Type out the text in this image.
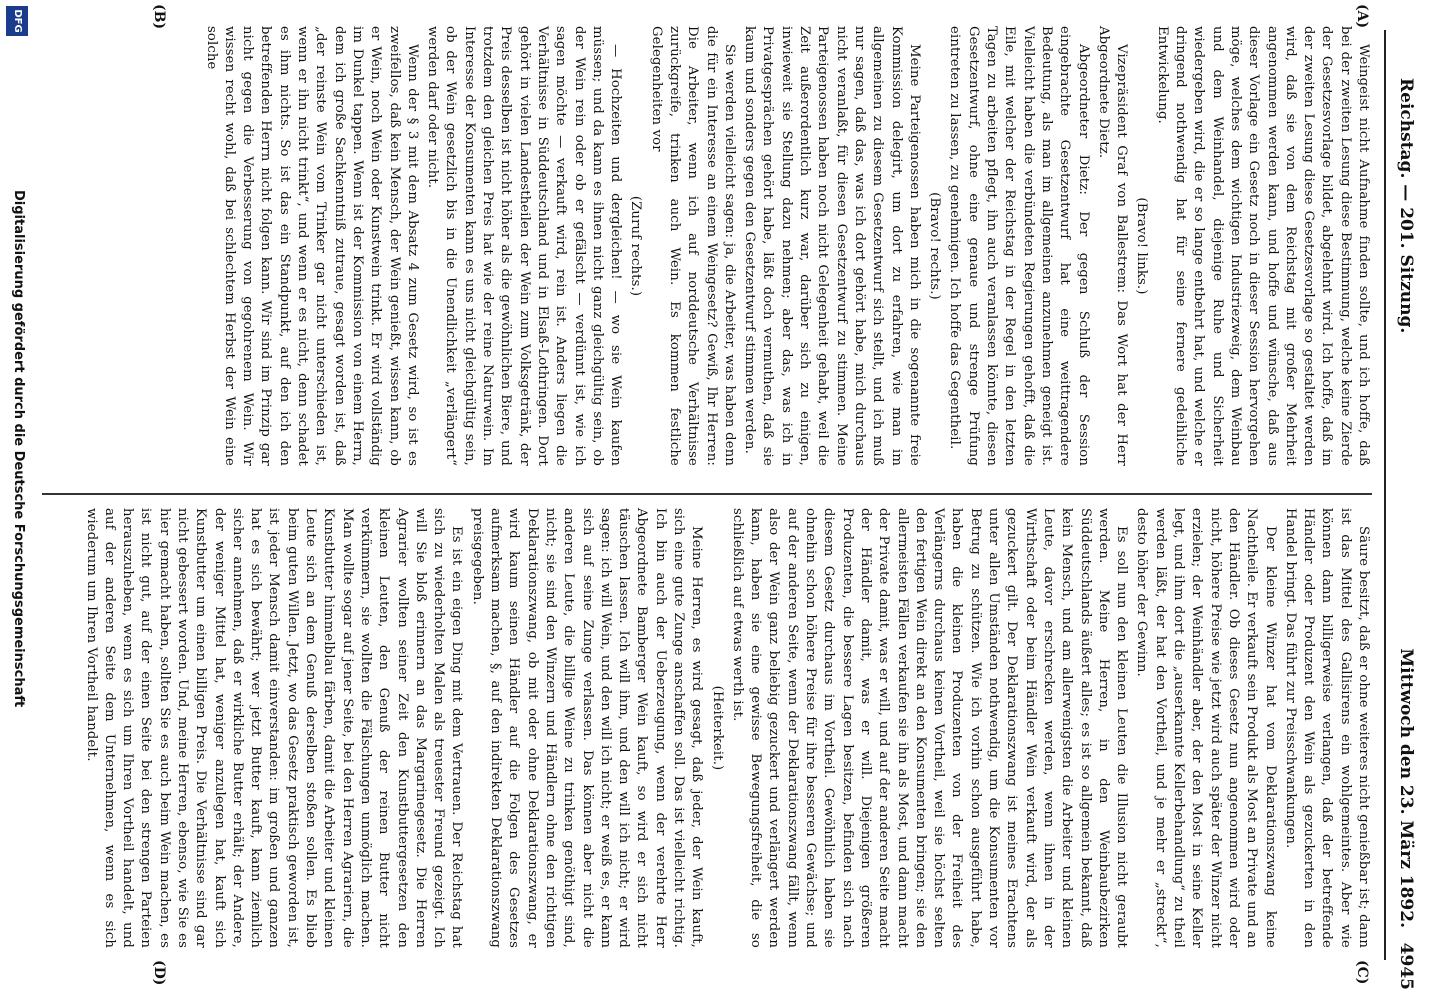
Reichstag. — 201. Sitzung.
Mittwoch den 23. März 1892.
4945
(A)
(B)
(C)
(D)

Weingeist nicht Aufnahme finden sollte, und ich hoffe, daß bei der zweiten Lesung diese Bestimmung, welche keine Zierde der Gesetzesvorlage bildet, abgelehnt wird. Ich hoffe, daß im der zweiten Lesung diese Gesetzesvorlage so gestaltet werden wird, daß sie von dem Reichstag mit großer Mehrheit angenommen werden kann, und hoffe und wünsche, daß aus dieser Vorlage ein Gesetz noch in dieser Session hervorgehen möge, welches dem wichtigen Industriezweig, dem Weinbau und dem Weinhandel, diejenige Ruhe und Sicherheit wiedergeben wird, die er so lange entbehrt hat, und welche er dringend nothwendig hat für seine fernere gedeihliche Entwickelung.

(Bravo! links.)

Vizepräsident Graf von Ballestrem: Das Wort hat der Herr Abgeordnete Dietz.

Abgeordneter Dietz: Der gegen Schluß der Session eingebrachte Gesetzentwurf hat eine weittragendere Bedeutung, als man im allgemeinen anzunehmen geneigt ist. Vielleicht haben die verbündeten Regierungen gehofft, daß die Eile, mit welcher der Reichstag in der Regel in den letzten Tagen zu arbeiten pflegt, ihn auch veranlassen könnte, diesen Gesetzentwurf, ohne eine genaue und strenge Prüfung eintreten zu lassen, zu genehmigen. Ich hoffe das Gegentheil.

(Bravo! rechts.)

Meine Parteigenossen haben mich in die sogenannte freie Kommission delegirt, um dort zu erfahren, wie man im allgemeinen zu diesem Gesetzentwurf sich stellt, und ich muß nur sagen, daß das, was ich dort gehört habe, mich durchaus nicht veranlaßt, für diesen Gesetzentwurf zu stimmen. Meine Parteigenossen haben noch nicht Gelegenheit gehabt, weil die Zeit außerordentlich kurz war, darüber sich zu einigen, inwieweit sie Stellung dazu nehmen; aber das, was ich in Privatgesprächen gehört habe, läßt doch vermuthen, daß sie kaum und sonders gegen den Gesetzentwurf stimmen werden.

Sie werden vielleicht sagen: ja, die Arbeiter, was haben denn die für ein Interesse an einem Weingesetz? Gewiß, Ihr Herren: Die Arbeiter, wenn ich auf norddeutsche Verhältnisse zurückgreife, trinken auch Wein. Es kommen festliche Gelegenheiten vor

(Zuruf rechts.)

— Hochzeiten und dergleichen! — wo sie Wein kaufen müssen; und da kann es ihnen nicht ganz gleichgültig sein, ob der Wein rein oder ob er gefälscht — verdünnt ist, wie ich sagen möchte — verkauft wird, rein ist. Anders liegen die Verhältnisse in Süddeutschland und in Elsaß-Lothringen. Dort gehört in vielen Landestheilen der Wein zum Volksgetränk, der Preis desselben ist nicht höher als die gewöhnlichen Biere, und trotzdem den gleichen Preis hat wie der reine Naturwein. Im Interesse der Konsumenten kann es uns nicht gleichgültig sein, ob der Wein gesetzlich bis in die Unendlichkeit „verlängert“ werden darf oder nicht.

Wenn der § 3 mit dem Absatz 4 zum Gesetz wird, so ist es zweifellos, daß kein Mensch, der Wein genießt, wissen kann, ob er Wein, noch Wein oder Kunstwein trinkt. Er wird vollständig im Dunkel tappen. Wenn ist der Kommission von einem Herrn, dem ich große Sachkenntniß zutraue, gesagt worden ist, daß „der reinste Wein vom Trinker gar nicht unterschieden ist, wenn er ihn nicht trinkt“, und wenn er es nicht, denn schadet es ihm nichts. So ist das ein Standpunkt, auf den ich den betreffenden Herrn nicht folgen kann. Wir sind im Prinzip gar nicht gegen die Verbesserung von gegohrenem Wein. Wir wissen recht wohl, daß bei schlechtem Herbst der Wein eine solche

Säure besitzt, daß er ohne weiteres nicht genießbar ist; dann ist das Mittel des Gallisirens ein wohlgemeintes. Aber wie können dann billigerweise verlangen, daß der betreffende Händler oder Produzent den Wein als gezuckerten in den Handel bringt. Das führt zur Preisschwankungen.

Der kleine Winzer hat vom Deklarationszwang keine Nachtheile. Er verkauft sein Produkt als Most an Private und an den Händler. Ob dieses Gesetz nun angenommen wird oder nicht, höhere Preise wie jetzt wird auch später der Winzer nicht erzielen; der Weinhändler aber, der den Most in seine Keller legt, und ihm dort die „auserkannte Kellerbehandlung“ zu theil werden läßt, der hat den Vortheil, und je mehr er „streckt“, desto höher der Gewinn.

Es soll nun den kleinen Leuten die Illusion nicht geraubt werden. Meine Herren, in den Weinbaubezirken Süddeutschlands äußert alles; es ist so allgemein bekannt, daß kein Mensch, und am allerwenigsten die Arbeiter und kleinen Leute, davor erschrecken werden, wenn ihnen in der Wirthschaft oder beim Händler Wein verkauft wird, der als gezuckert gilt. Der Deklarationszwang ist meines Erachtens unter allen Umständen nothwendig, um die Konsumenten vor Betrug zu schützen. Wie ich vorhin schon ausgeführt habe, haben die kleinen Produzenten von der Freiheit des Verlängerns durchaus keinen Vortheil, weil sie höchst selten den fertigen Wein direkt an den Konsumenten bringen; sie den allermeisten Fällen verkaufen sie ihn als Most, und dann macht der Private damit, was er will, und auf der anderen Seite macht der Händler damit, was er will. Diejenigen größeren Produzenten, die bessere Lagen besitzen, befinden sich nach diesem Gesetz durchaus im Vortheil. Gewöhnlich haben sie ohnehin schon höhere Preise für ihre besseren Gewächse; und auf der anderen Seite, wenn der Deklarationszwang fällt, wenn also der Wein ganz beliebig gezuckert und verlängert werden kann, haben sie eine gewisse Bewegungsfreiheit, die so schließlich auf etwas werth ist.

(Heiterkeit.)

Meine Herren, es wird gesagt, daß jeder, der Wein kauft, sich eine gute Zunge anschaffen soll. Das ist vielleicht richtig. Ich bin auch der Ueberzeugung, wenn der verehrte Herr Abgeordnete Bamberger Wein kauft, so wird er sich nicht täuschen lassen. Ich will ihm, und den will ich nicht; er wird sagen: ich will Wein, und den will ich nicht; er weiß es, er kann sich auf seine Zunge verlassen. Das können aber nicht die anderen Leute, die billige Weine zu trinken genöthigt sind, nicht; sie sind den Winzern und Händlern ohne den richtigen Deklarationszwang, ob mit oder ohne Deklarationszwang, er wird kaum seinen Händler auf die Folgen des Gesetzes aufmerksam machen, §, auf den indirekten Deklarationszwang preisgegeben.

Es ist ein eigen Ding mit dem Vertrauen. Der Reichstag hat sich zu wiederholten Malen als treuester Freund gezeigt. Ich will Sie bloß erinnern an das Margarinegesetz. Die Herren Agrarier wollten seiner Zeit den Kunstbuttergesetzen den kleinen Leuten, den Genuß der reinen Butter nicht verkümmern, sie wollten die Fälschungen unmöglich machen. Man wollte sogar auf jener Seite, bei den Herren Agrariern, die Kunstbutter himmelblau färben, damit die Arbeiter und kleinen Leute sich an dem Genuß derselben stoßen sollen. Es blieb beim guten Willen. Jetzt, wo das Gesetz praktisch geworden ist, ist jeder Mensch damit einverstanden: im großen und ganzen hat es sich bewährt; wer jetzt Butter kauft, kann ziemlich sicher annehmen, daß er wirkliche Butter erhält; der Andere, der weniger Mittel hat, weniger anzulegen hat, kauft sich Kunstbutter um einen billigen Preis. Die Verhältnisse sind gar nicht gebessert worden. Und, meine Herren, ebenso, wie Sie es hier gemacht haben, sollten Sie es auch beim Wein machen, es ist nicht gut, auf der einen Seite bei den strengen Parteien herauszuheben, wenn es sich um Ihren Vortheil handelt, und auf der anderen Seite dem Unternehmen, wenn es sich wiederum um Ihren Vortheil handelt.

DFG
Digitalisierung gefördert durch die Deutsche Forschungsgemeinschaft
